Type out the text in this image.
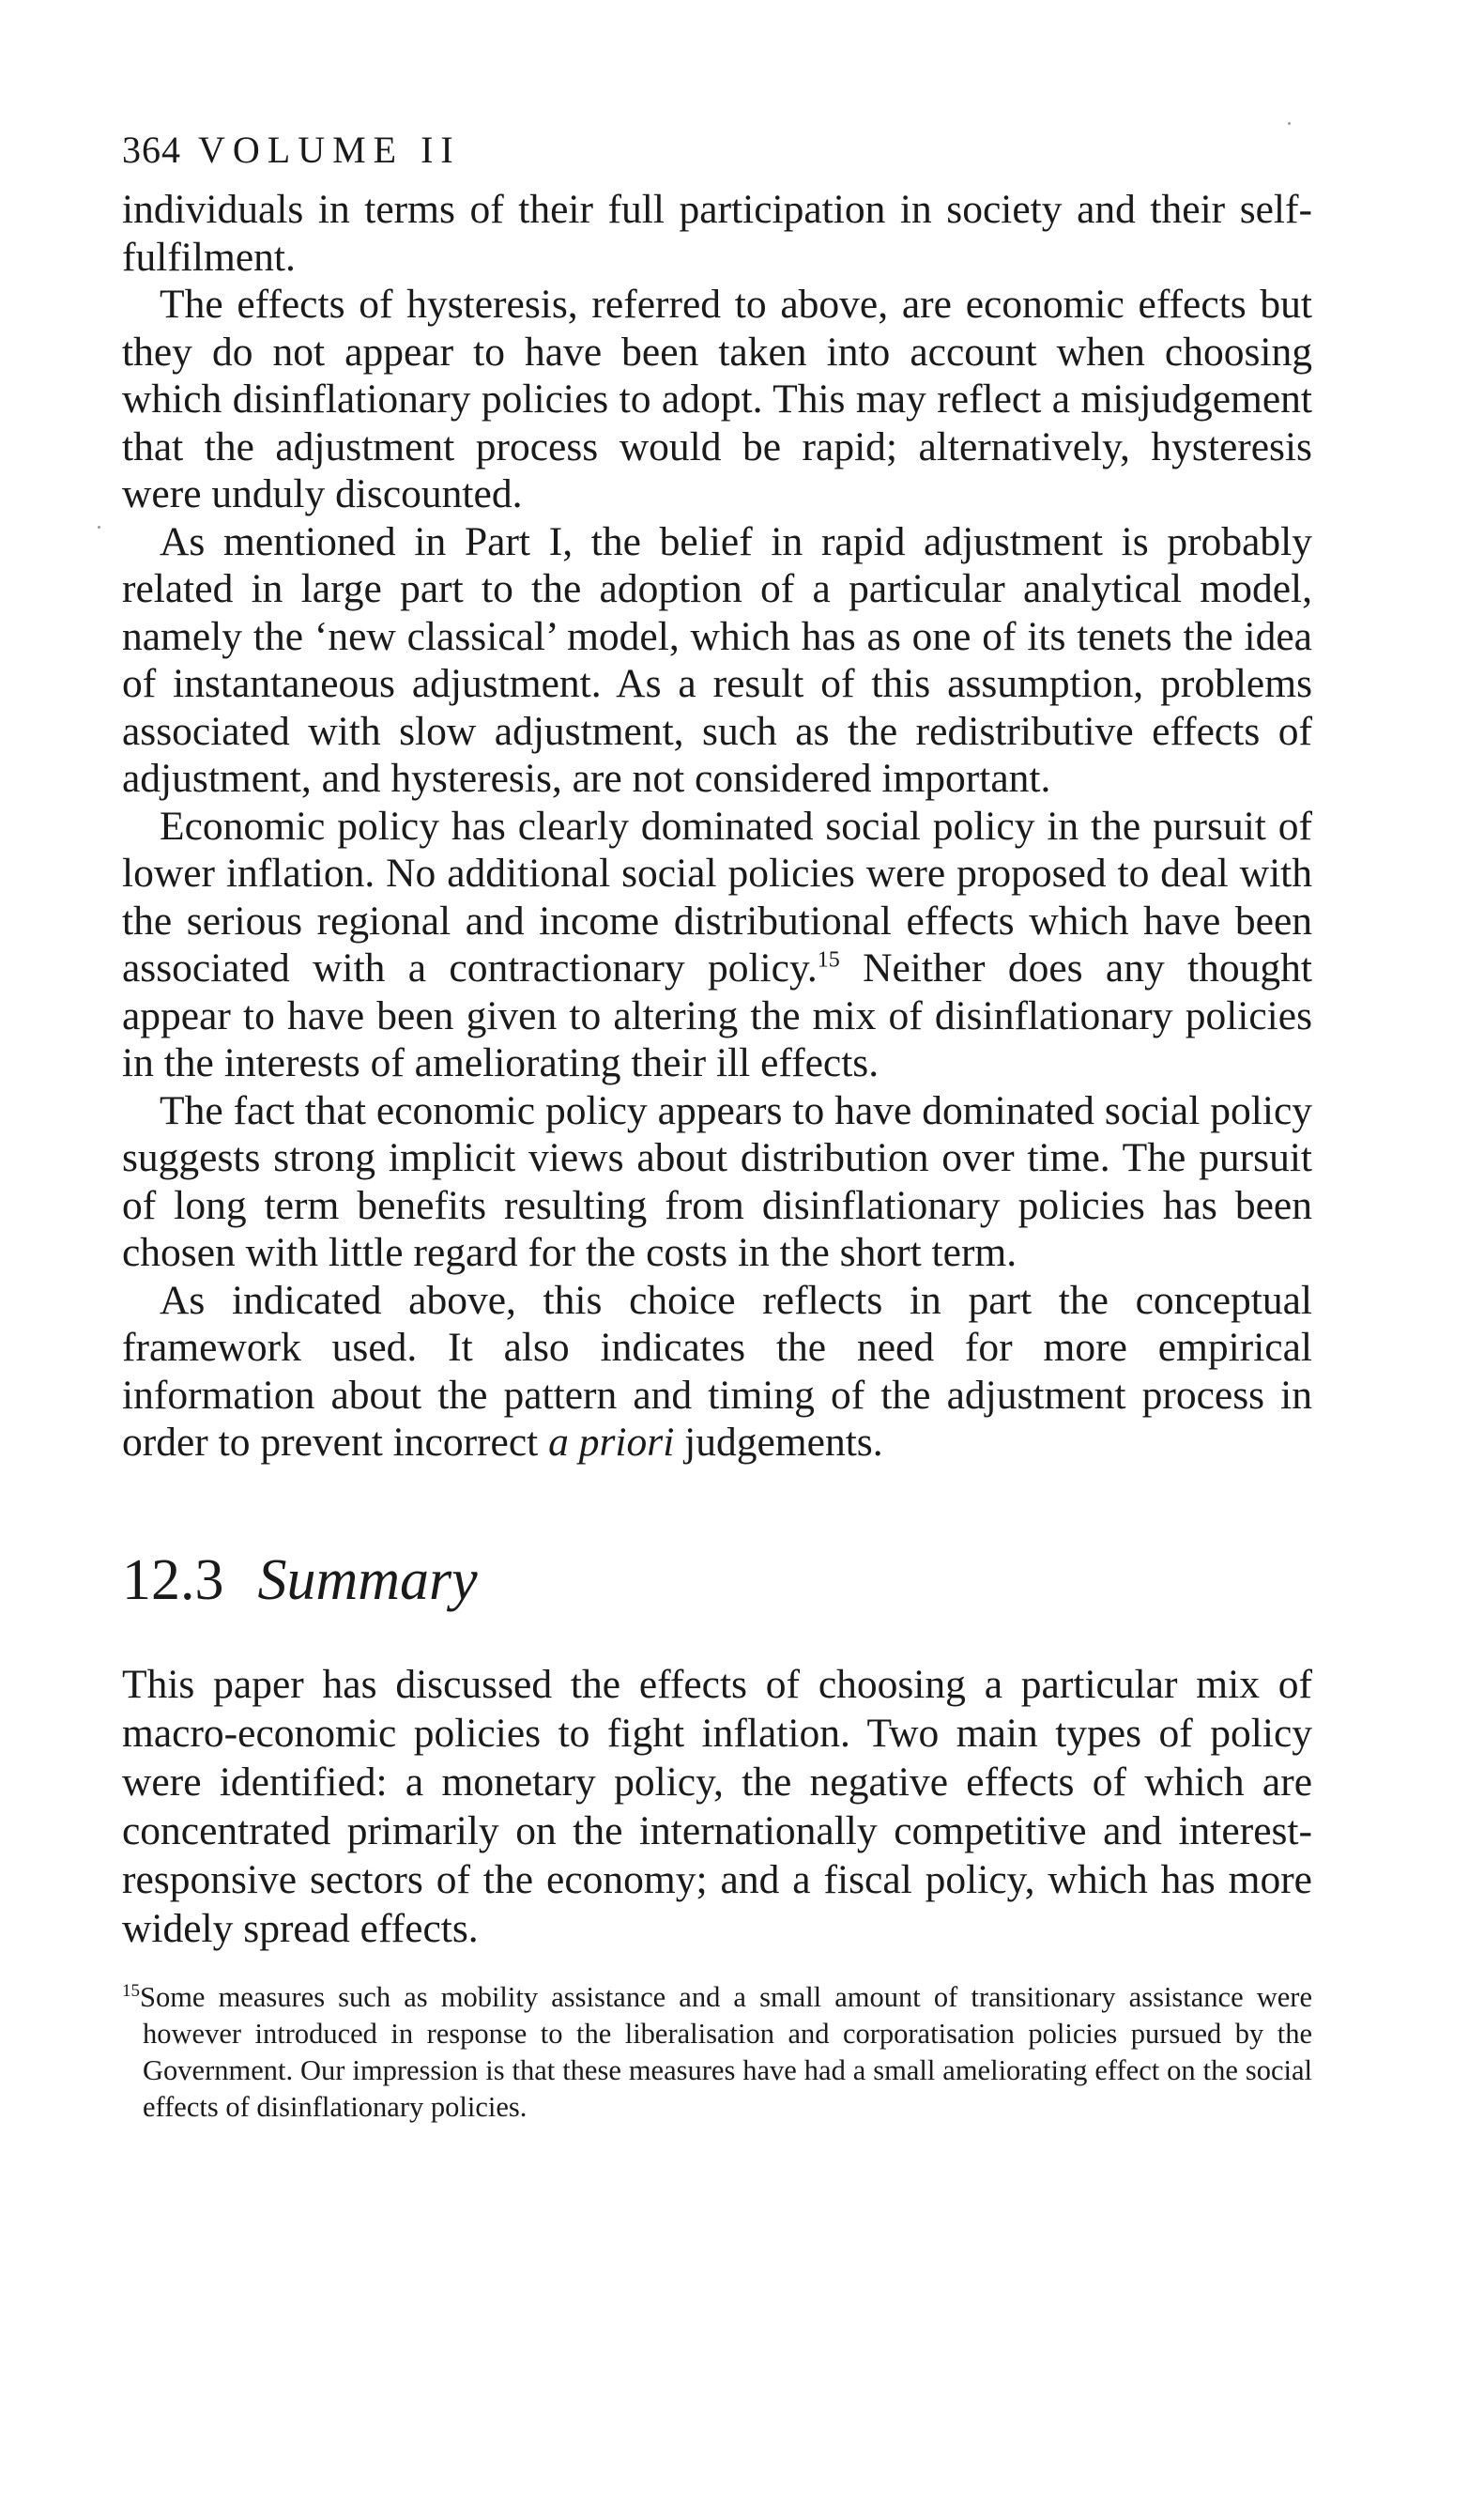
364 VOLUME II

individuals in terms of their full participation in society and their self-fulfilment.

The effects of hysteresis, referred to above, are economic effects but they do not appear to have been taken into account when choosing which disinflationary policies to adopt. This may reflect a misjudgement that the adjustment process would be rapid; alternatively, hysteresis were unduly discounted.

As mentioned in Part I, the belief in rapid adjustment is probably related in large part to the adoption of a particular analytical model, namely the ‘new classical’ model, which has as one of its tenets the idea of instantaneous adjustment. As a result of this assumption, problems associated with slow adjustment, such as the redistributive effects of adjustment, and hysteresis, are not considered important.

Economic policy has clearly dominated social policy in the pursuit of lower inflation. No additional social policies were proposed to deal with the serious regional and income distributional effects which have been associated with a contractionary policy.$^{15}$ Neither does any thought appear to have been given to altering the mix of disinflationary policies in the interests of ameliorating their ill effects.

The fact that economic policy appears to have dominated social policy suggests strong implicit views about distribution over time. The pursuit of long term benefits resulting from disinflationary policies has been chosen with little regard for the costs in the short term.

As indicated above, this choice reflects in part the conceptual framework used. It also indicates the need for more empirical information about the pattern and timing of the adjustment process in order to prevent incorrect a priori judgements.

12.3 Summary

This paper has discussed the effects of choosing a particular mix of macro-economic policies to fight inflation. Two main types of policy were identified: a monetary policy, the negative effects of which are concentrated primarily on the internationally competitive and interest-responsive sectors of the economy; and a fiscal policy, which has more widely spread effects.

$^{15}$Some measures such as mobility assistance and a small amount of transitionary assistance were however introduced in response to the liberalisation and corporatisation policies pursued by the Government. Our impression is that these measures have had a small ameliorating effect on the social effects of disinflationary policies.
